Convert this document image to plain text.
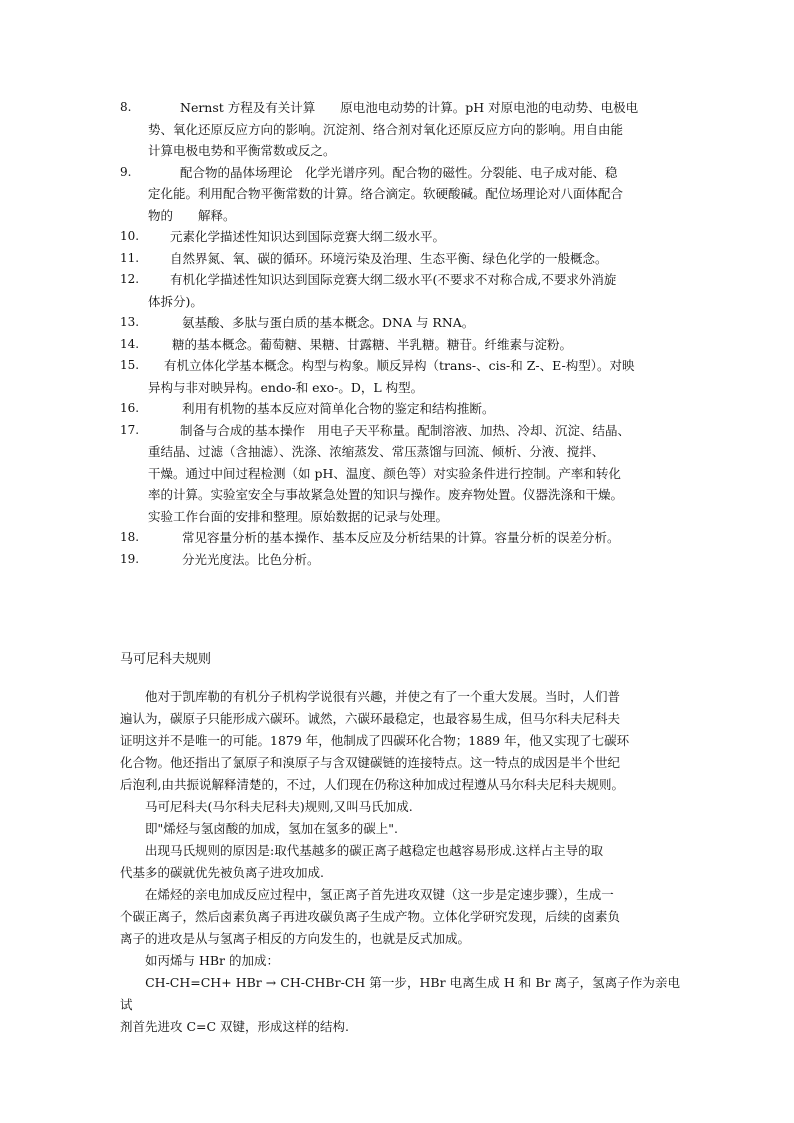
8.	Nernst 方程及有关计算　　原电池电动势的计算。pH 对原电池的电动势、电极电
势、氧化还原反应方向的影响。沉淀剂、络合剂对氧化还原反应方向的影响。用自由能
计算电极电势和平衡常数或反之。
9.	配合物的晶体场理论　化学光谱序列。配合物的磁性。分裂能、电子成对能、稳
定化能。利用配合物平衡常数的计算。络合滴定。软硬酸碱。配位场理论对八面体配合
物的　　解释。
10.	元素化学描述性知识达到国际竞赛大纲二级水平。
11.	自然界氮、氧、碳的循环。环境污染及治理、生态平衡、绿色化学的一般概念。
12.	有机化学描述性知识达到国际竞赛大纲二级水平(不要求不对称合成,不要求外消旋
体拆分)。
13.	氨基酸、多肽与蛋白质的基本概念。DNA 与 RNA。
14.	糖的基本概念。葡萄糖、果糖、甘露糖、半乳糖。糖苷。纤维素与淀粉。
15.	有机立体化学基本概念。构型与构象。顺反异构（trans-、cis-和 Z-、E-构型）。对映
异构与非对映异构。endo-和 exo-。D，L 构型。
16.	利用有机物的基本反应对简单化合物的鉴定和结构推断。
17.	制备与合成的基本操作　用电子天平称量。配制溶液、加热、冷却、沉淀、结晶、
重结晶、过滤（含抽滤）、洗涤、浓缩蒸发、常压蒸馏与回流、倾析、分液、搅拌、
干燥。通过中间过程检测（如 pH、温度、颜色等）对实验条件进行控制。产率和转化
率的计算。实验室安全与事故紧急处置的知识与操作。废弃物处置。仪器洗涤和干燥。
实验工作台面的安排和整理。原始数据的记录与处理。
18.	常见容量分析的基本操作、基本反应及分析结果的计算。容量分析的误差分析。
19.	分光光度法。比色分析。
马可尼科夫规则
　　他对于凯库勒的有机分子机构学说很有兴趣，并使之有了一个重大发展。当时，人们普
遍认为，碳原子只能形成六碳环。诚然，六碳环最稳定，也最容易生成，但马尔科夫尼科夫
证明这并不是唯一的可能。1879 年，他制成了四碳环化合物；1889 年，他又实现了七碳环
化合物。他还指出了氯原子和溴原子与含双键碳链的连接特点。这一特点的成因是半个世纪
后泡利,由共振说解释清楚的，不过，人们现在仍称这种加成过程遵从马尔科夫尼科夫规则。
　　马可尼科夫(马尔科夫尼科夫)规则,又叫马氏加成.
　　即"烯烃与氢卤酸的加成，氢加在氢多的碳上".
　　出现马氏规则的原因是:取代基越多的碳正离子越稳定也越容易形成.这样占主导的取
代基多的碳就优先被负离子进攻加成.
　　在烯烃的亲电加成反应过程中，氢正离子首先进攻双键（这一步是定速步骤），生成一
个碳正离子，然后卤素负离子再进攻碳负离子生成产物。立体化学研究发现，后续的卤素负
离子的进攻是从与氢离子相反的方向发生的，也就是反式加成。
　　如丙烯与 HBr 的加成：
　　CH-CH=CH+ HBr → CH-CHBr-CH 第一步，HBr 电离生成 H 和 Br 离子，氢离子作为亲电试
剂首先进攻 C=C 双键，形成这样的结构.
